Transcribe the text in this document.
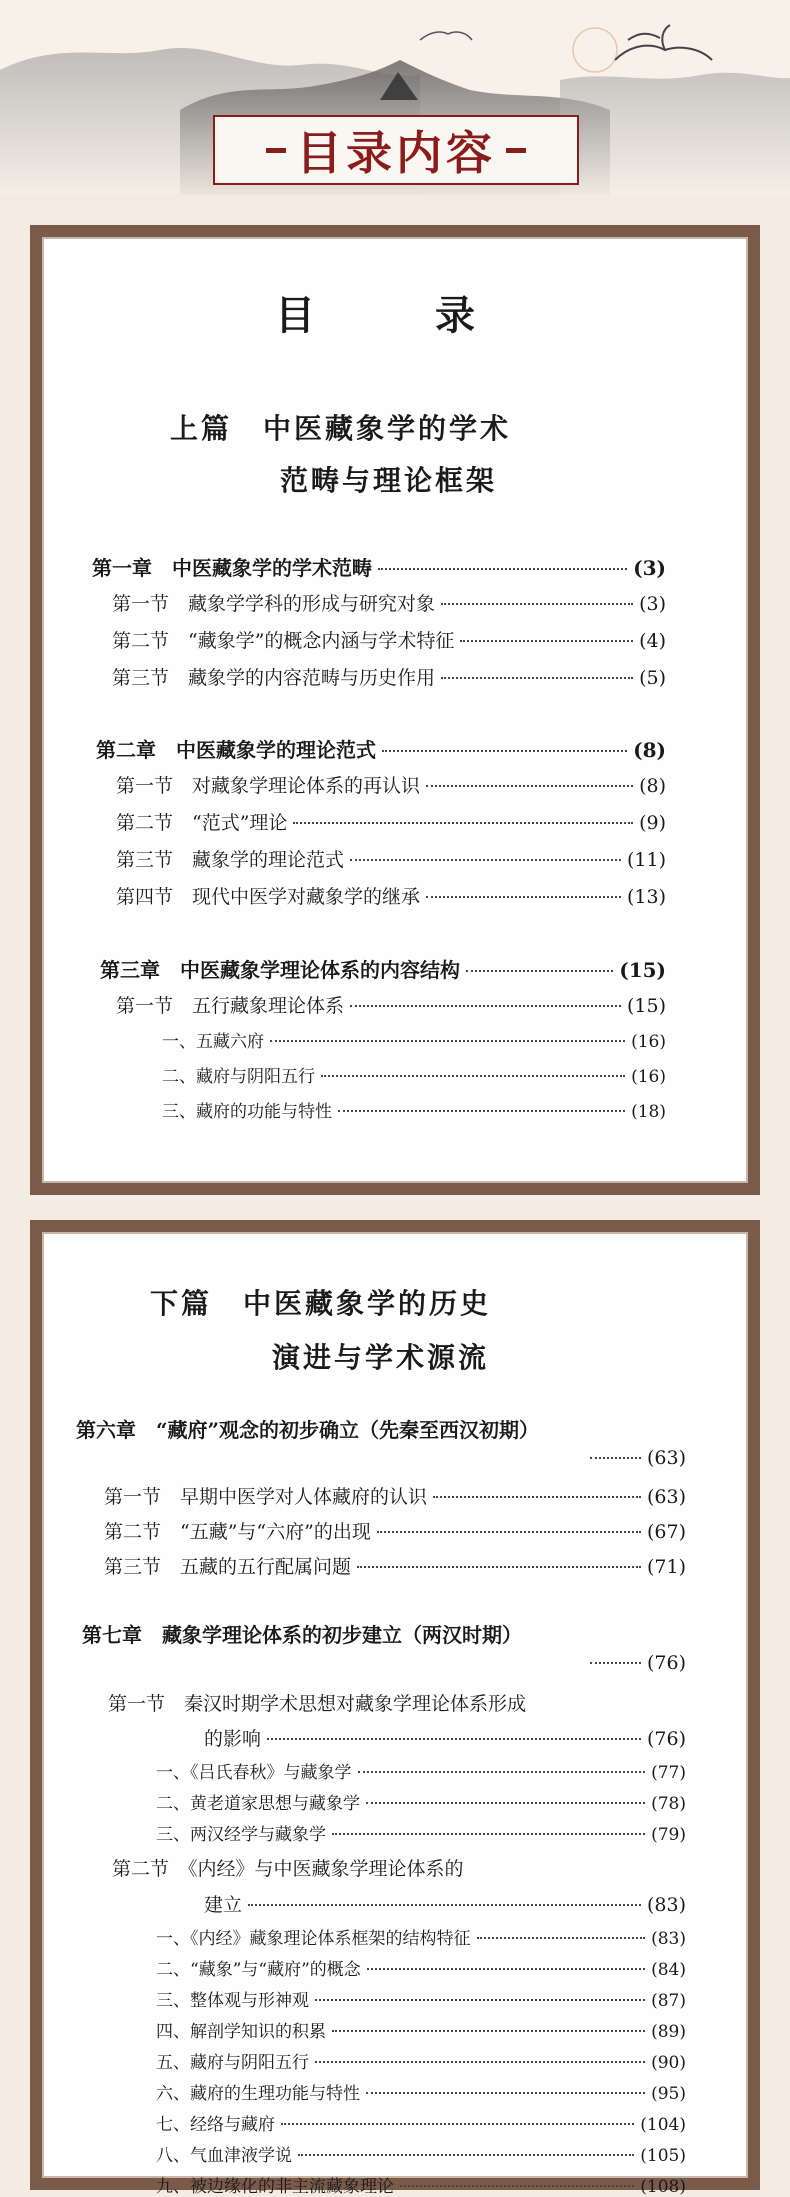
目录内容
目　录
上篇　中医藏象学的学术
范畴与理论框架
第一章　中医藏象学的学术范畴	(3)
第一节　藏象学学科的形成与研究对象	(3)
第二节　“藏象学”的概念内涵与学术特征	(4)
第三节　藏象学的内容范畴与历史作用	(5)
第二章　中医藏象学的理论范式	(8)
第一节　对藏象学理论体系的再认识	(8)
第二节　“范式”理论	(9)
第三节　藏象学的理论范式	(11)
第四节　现代中医学对藏象学的继承	(13)
第三章　中医藏象学理论体系的内容结构	(15)
第一节　五行藏象理论体系	(15)
一、五藏六府	(16)
二、藏府与阴阳五行	(16)
三、藏府的功能与特性	(18)
下篇　中医藏象学的历史
演进与学术源流
第六章　“藏府”观念的初步确立（先秦至西汉初期）
(63)
第一节　早期中医学对人体藏府的认识	(63)
第二节　“五藏”与“六府”的出现	(67)
第三节　五藏的五行配属问题	(71)
第七章　藏象学理论体系的初步建立（两汉时期）
(76)
第一节　秦汉时期学术思想对藏象学理论体系形成
的影响	(76)
一、《吕氏春秋》与藏象学	(77)
二、黄老道家思想与藏象学	(78)
三、两汉经学与藏象学	(79)
第二节　《内经》与中医藏象学理论体系的
建立	(83)
一、《内经》藏象理论体系框架的结构特征	(83)
二、“藏象”与“藏府”的概念	(84)
三、整体观与形神观	(87)
四、解剖学知识的积累	(89)
五、藏府与阴阳五行	(90)
六、藏府的生理功能与特性	(95)
七、经络与藏府	(104)
八、气血津液学说	(105)
九、被边缘化的非主流藏象理论	(108)
